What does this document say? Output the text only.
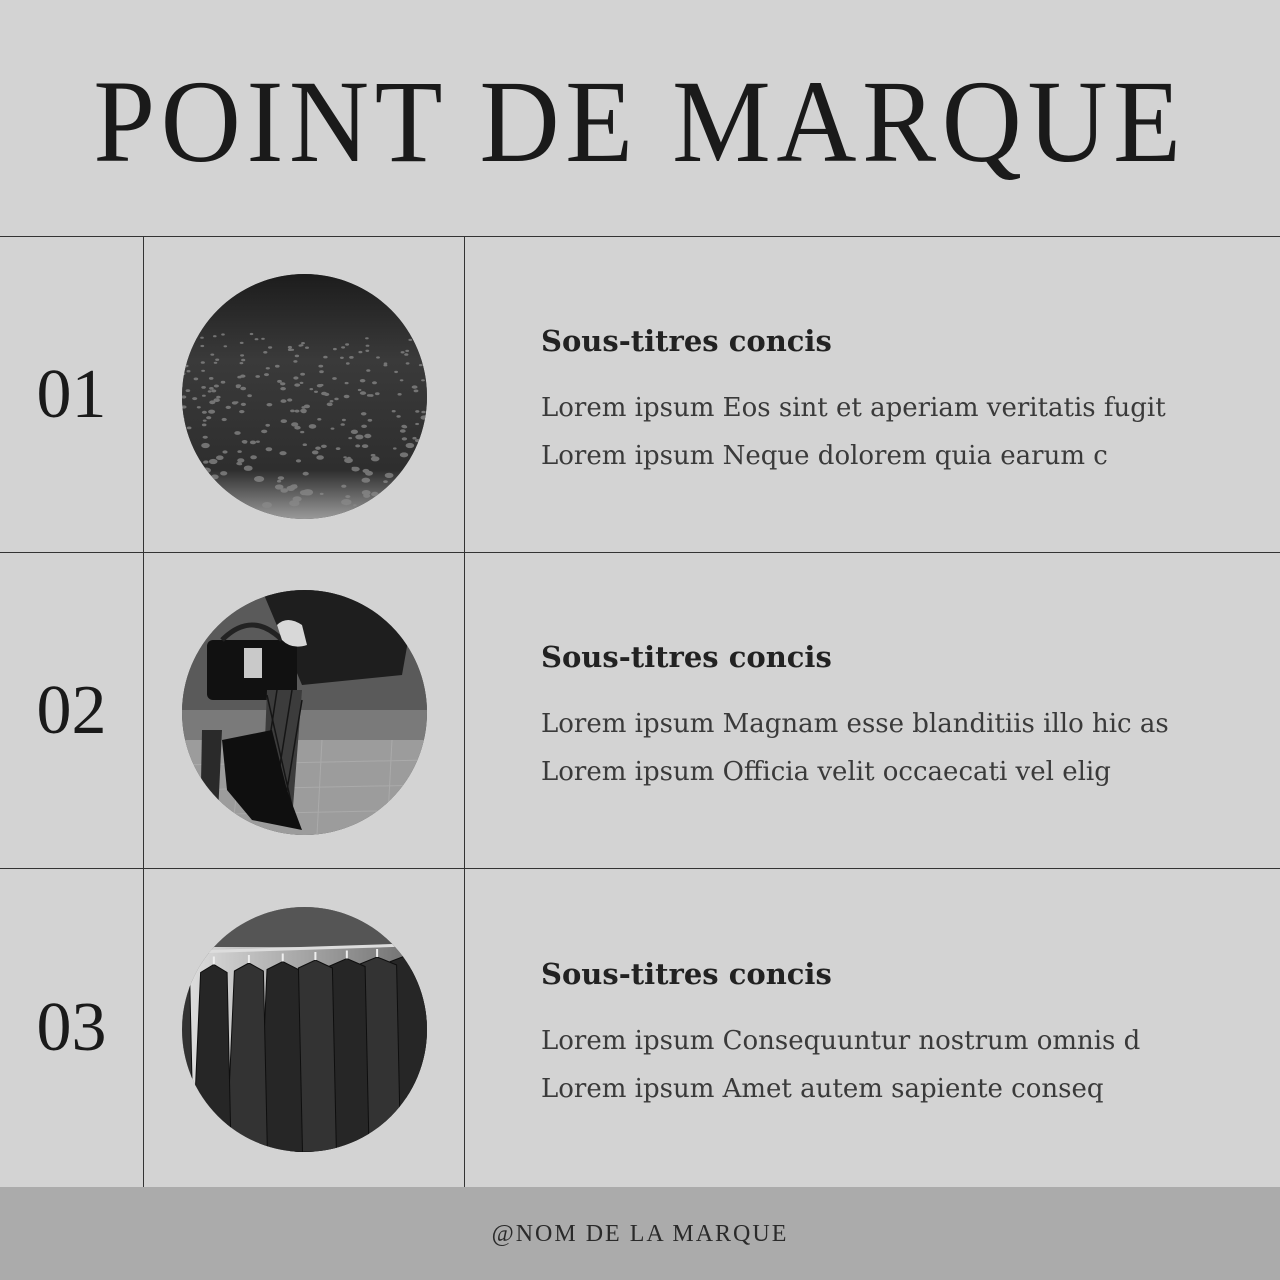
POINT DE MARQUE
01
Sous-titres concis
Lorem ipsum Eos sint et aperiam veritatis fugit
Lorem ipsum Neque dolorem quia earum c
02
Sous-titres concis
Lorem ipsum Magnam esse blanditiis illo hic as
Lorem ipsum Officia velit occaecati vel elig
03
Sous-titres concis
Lorem ipsum Consequuntur nostrum omnis d
Lorem ipsum Amet autem sapiente conseq
@NOM DE LA MARQUE
